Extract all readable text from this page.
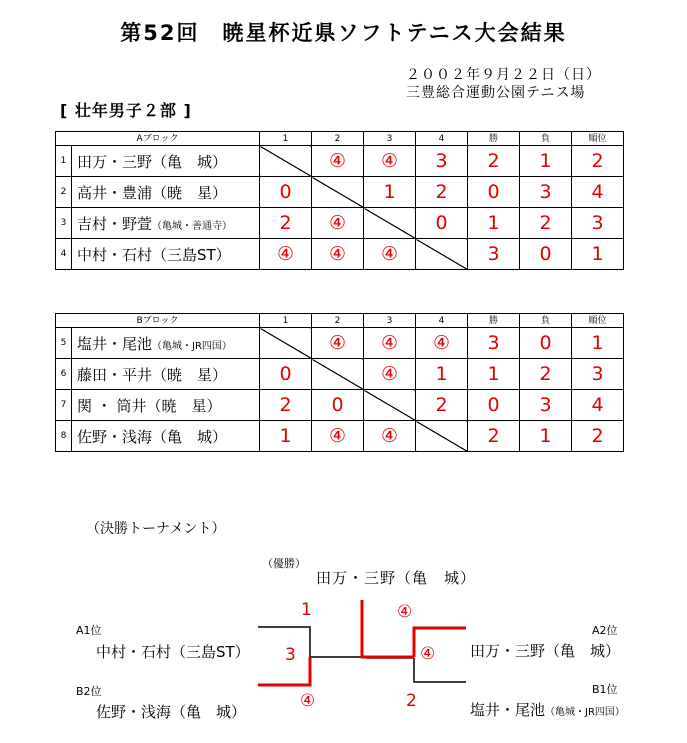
第52回　暁星杯近県ソフトテニス大会結果
２００２年９月２２日（日）
三豊総合運動公園テニス場
[ 壮年男子２部 ]
Aブロック		1	2	3	4	勝	負	順位
1	田万・三野（亀　城）		④	④	3	2	1	2
2	高井・豊浦（暁　星）	0		1	2	0	3	4
3	吉村・野萱（亀城・善通寺）	2	④		0	1	2	3
4	中村・石村（三島ST）	④	④	④		3	0	1
Bブロック		1	2	3	4	勝	負	順位
5	塩井・尾池（亀城・JR四国）		④	④	④	3	0	1
6	藤田・平井（暁　星）	0		④	1	1	2	3
7	関 ・ 筒井（暁　星）	2	0		2	0	3	4
8	佐野・浅海（亀　城）	1	④	④		2	1	2
（決勝トーナメント）
（優勝）
田万・三野（亀　城）
A1位
中村・石村（三島ST）
B2位
佐野・浅海（亀　城）
A2位
田万・三野（亀　城）
B1位
塩井・尾池（亀城・JR四国）
1
3
④
④
④
2
